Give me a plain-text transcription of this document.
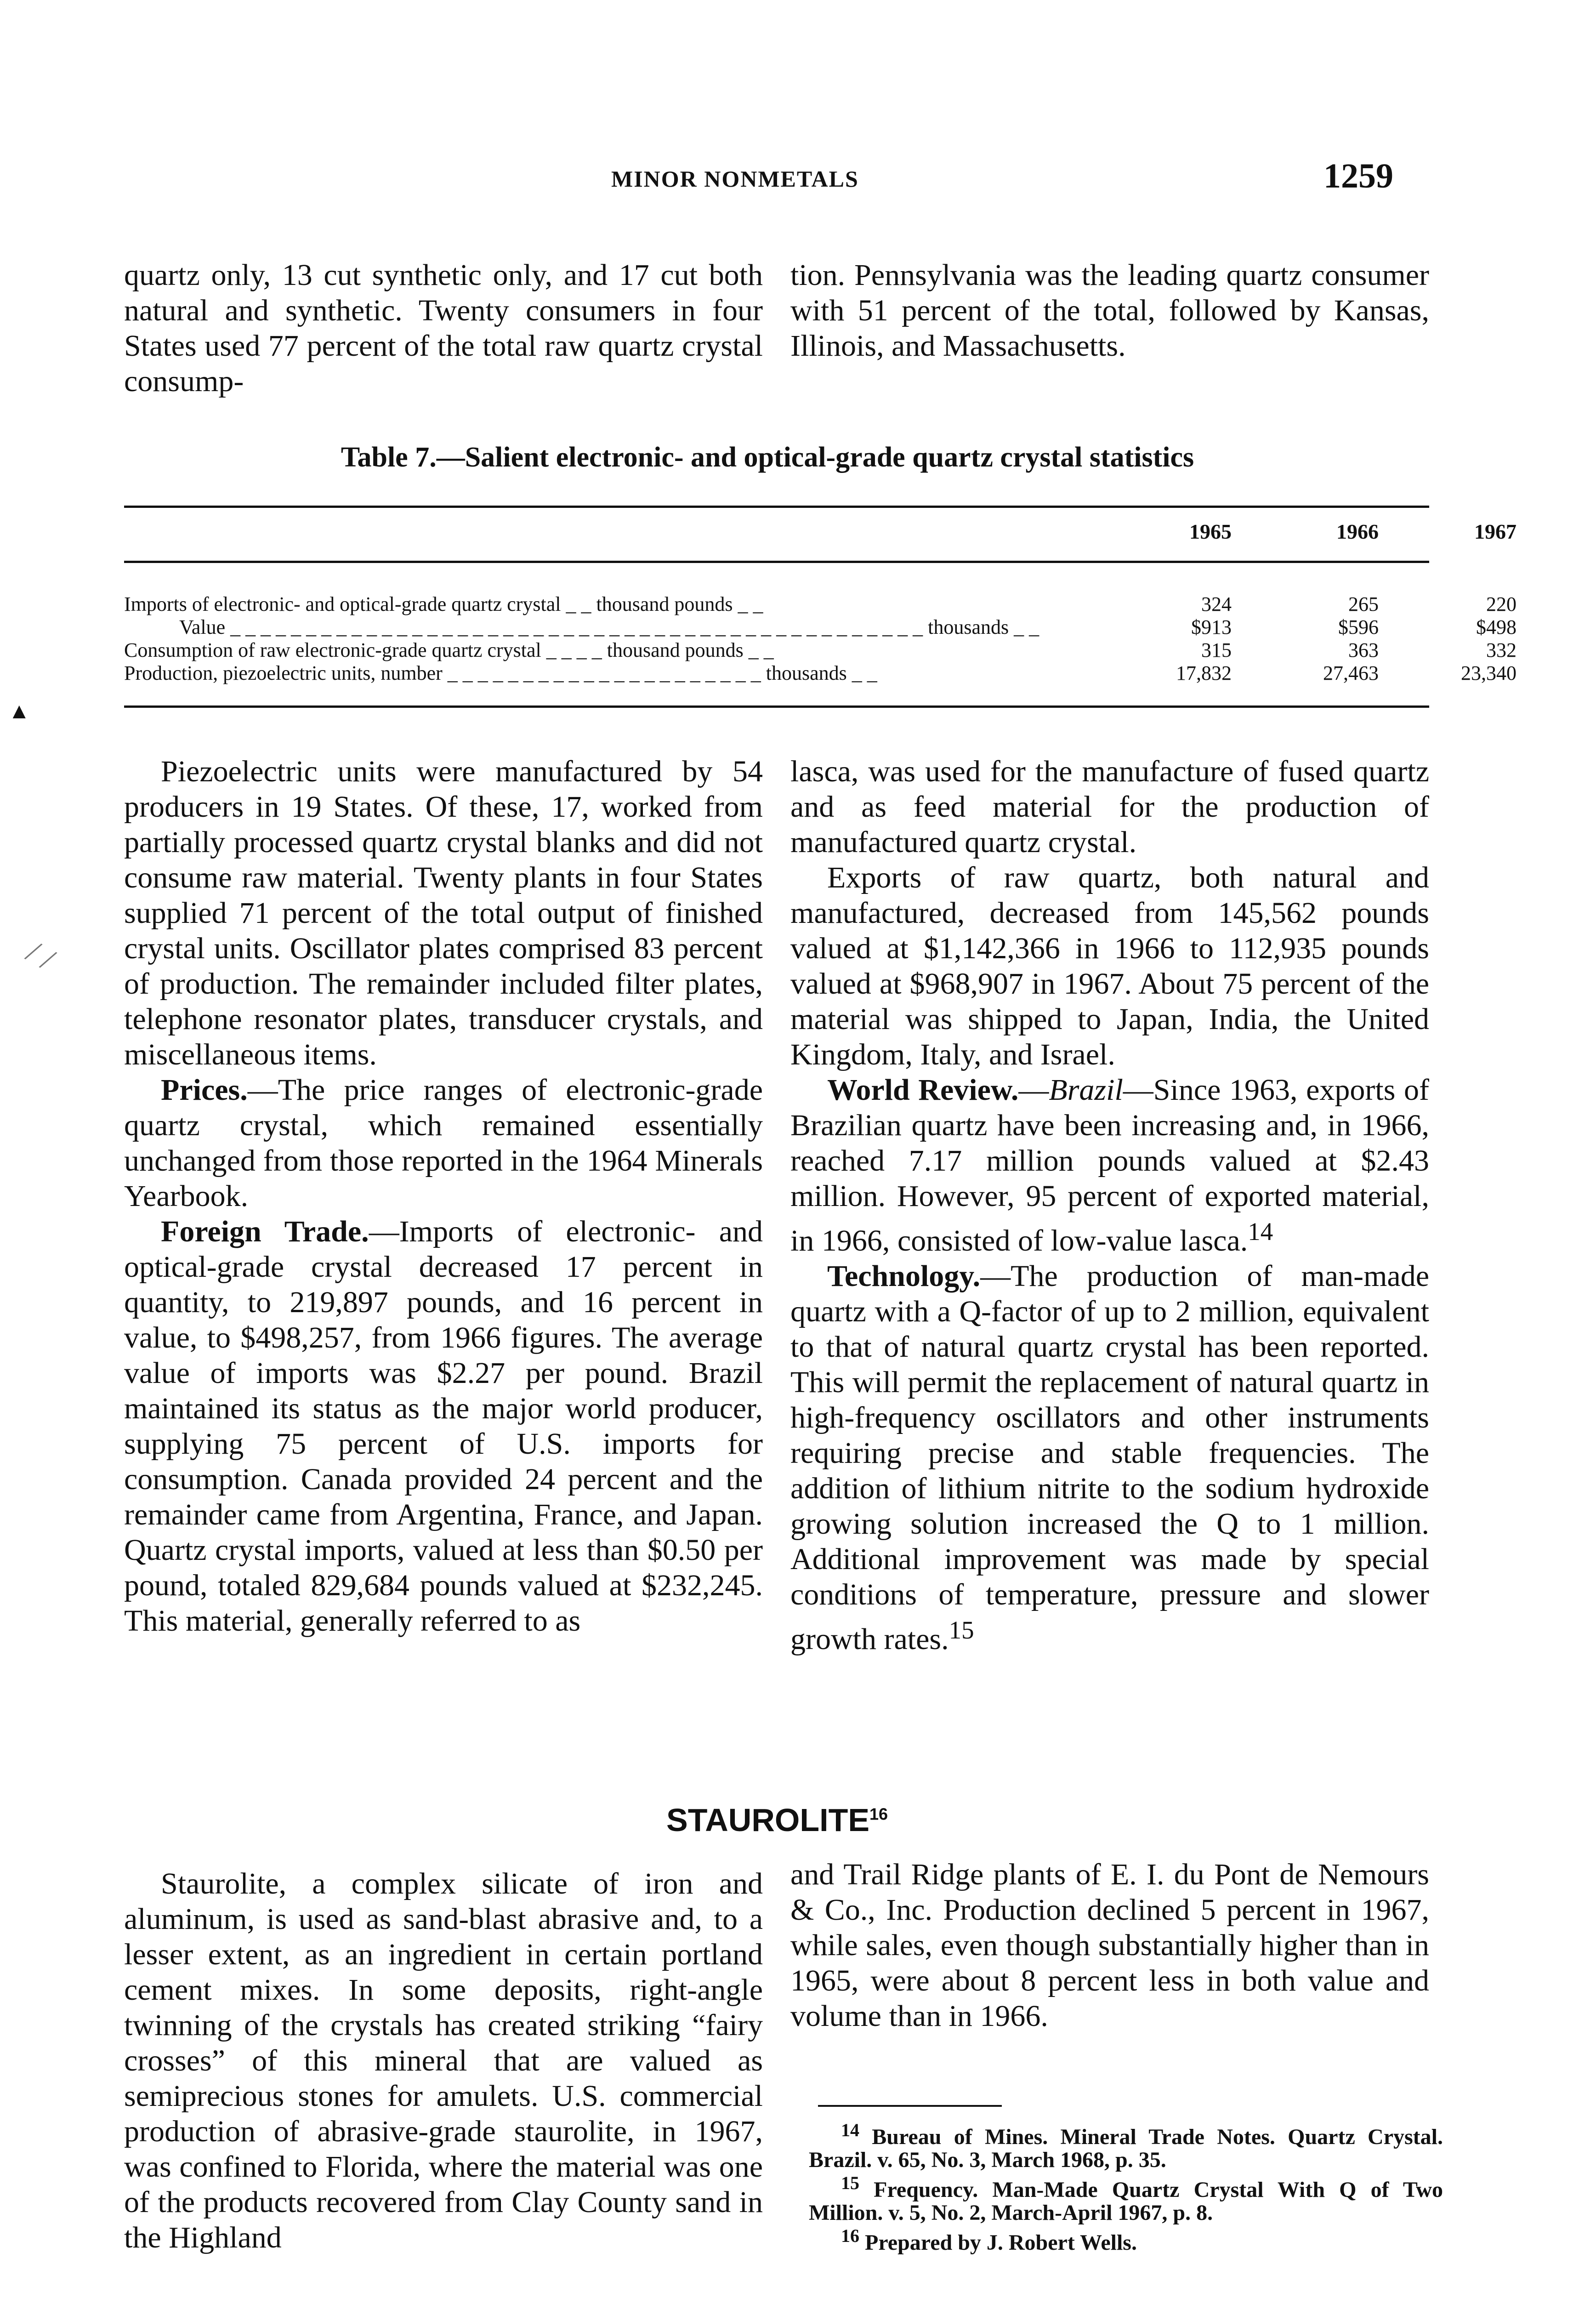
MINOR NONMETALS	1259

quartz only, 13 cut synthetic only, and 17 cut both natural and synthetic. Twenty consumers in four States used 77 percent of the total raw quartz crystal consump-

tion. Pennsylvania was the leading quartz consumer with 51 percent of the total, followed by Kansas, Illinois, and Massachusetts.

Table 7.—Salient electronic- and optical-grade quartz crystal statistics
1965	1966	1967
Imports of electronic- and optical-grade quartz crystal _ _ thousand pounds _ _	324	265	220
Value _ _ _ _ _ _ _ _ _ _ _ _ _ _ _ _ _ _ _ _ _ _ _ _ _ _ _ _ _ _ _ _ _ _ _ _ _ _ _ _ _ _ _ _ _ _ thousands _ _	$913	$596	$498
Consumption of raw electronic-grade quartz crystal _ _ _ _ thousand pounds _ _	315	363	332
Production, piezoelectric units, number _ _ _ _ _ _ _ _ _ _ _ _ _ _ _ _ _ _ _ _ _ thousands _ _	17,832	27,463	23,340
▲
/ /

Piezoelectric units were manufactured by 54 producers in 19 States. Of these, 17, worked from partially processed quartz crystal blanks and did not consume raw material. Twenty plants in four States supplied 71 percent of the total output of finished crystal units. Oscillator plates comprised 83 percent of production. The remainder included filter plates, telephone resonator plates, transducer crystals, and miscellaneous items.

Prices.—The price ranges of electronic-grade quartz crystal, which remained essentially unchanged from those reported in the 1964 Minerals Yearbook.

Foreign Trade.—Imports of electronic- and optical-grade crystal decreased 17 percent in quantity, to 219,897 pounds, and 16 percent in value, to $498,257, from 1966 figures. The average value of imports was $2.27 per pound. Brazil maintained its status as the major world producer, supplying 75 percent of U.S. imports for consumption. Canada provided 24 percent and the remainder came from Argentina, France, and Japan. Quartz crystal imports, valued at less than $0.50 per pound, totaled 829,684 pounds valued at $232,245. This material, generally referred to as

lasca, was used for the manufacture of fused quartz and as feed material for the production of manufactured quartz crystal.

Exports of raw quartz, both natural and manufactured, decreased from 145,562 pounds valued at $1,142,366 in 1966 to 112,935 pounds valued at $968,907 in 1967. About 75 percent of the material was shipped to Japan, India, the United Kingdom, Italy, and Israel.

World Review.—Brazil—Since 1963, exports of Brazilian quartz have been increasing and, in 1966, reached 7.17 million pounds valued at $2.43 million. However, 95 percent of exported material, in 1966, consisted of low-value lasca.$^{14}$

Technology.—The production of man-made quartz with a Q-factor of up to 2 million, equivalent to that of natural quartz crystal has been reported. This will permit the replacement of natural quartz in high-frequency oscillators and other instruments requiring precise and stable frequencies. The addition of lithium nitrite to the sodium hydroxide growing solution increased the Q to 1 million. Additional improvement was made by special conditions of temperature, pressure and slower growth rates.$^{15}$

STAUROLITE$^{16}$

Staurolite, a complex silicate of iron and aluminum, is used as sand-blast abrasive and, to a lesser extent, as an ingredient in certain portland cement mixes. In some deposits, right-angle twinning of the crystals has created striking “fairy crosses” of this mineral that are valued as semiprecious stones for amulets. U.S. commercial production of abrasive-grade staurolite, in 1967, was confined to Florida, where the material was one of the products recovered from Clay County sand in the Highland

and Trail Ridge plants of E. I. du Pont de Nemours & Co., Inc. Production declined 5 percent in 1967, while sales, even though substantially higher than in 1965, were about 8 percent less in both value and volume than in 1966.

$^{14}$ Bureau of Mines. Mineral Trade Notes. Quartz Crystal. Brazil. v. 65, No. 3, March 1968, p. 35.

$^{15}$ Frequency. Man-Made Quartz Crystal With Q of Two Million. v. 5, No. 2, March-April 1967, p. 8.

$^{16}$ Prepared by J. Robert Wells.
